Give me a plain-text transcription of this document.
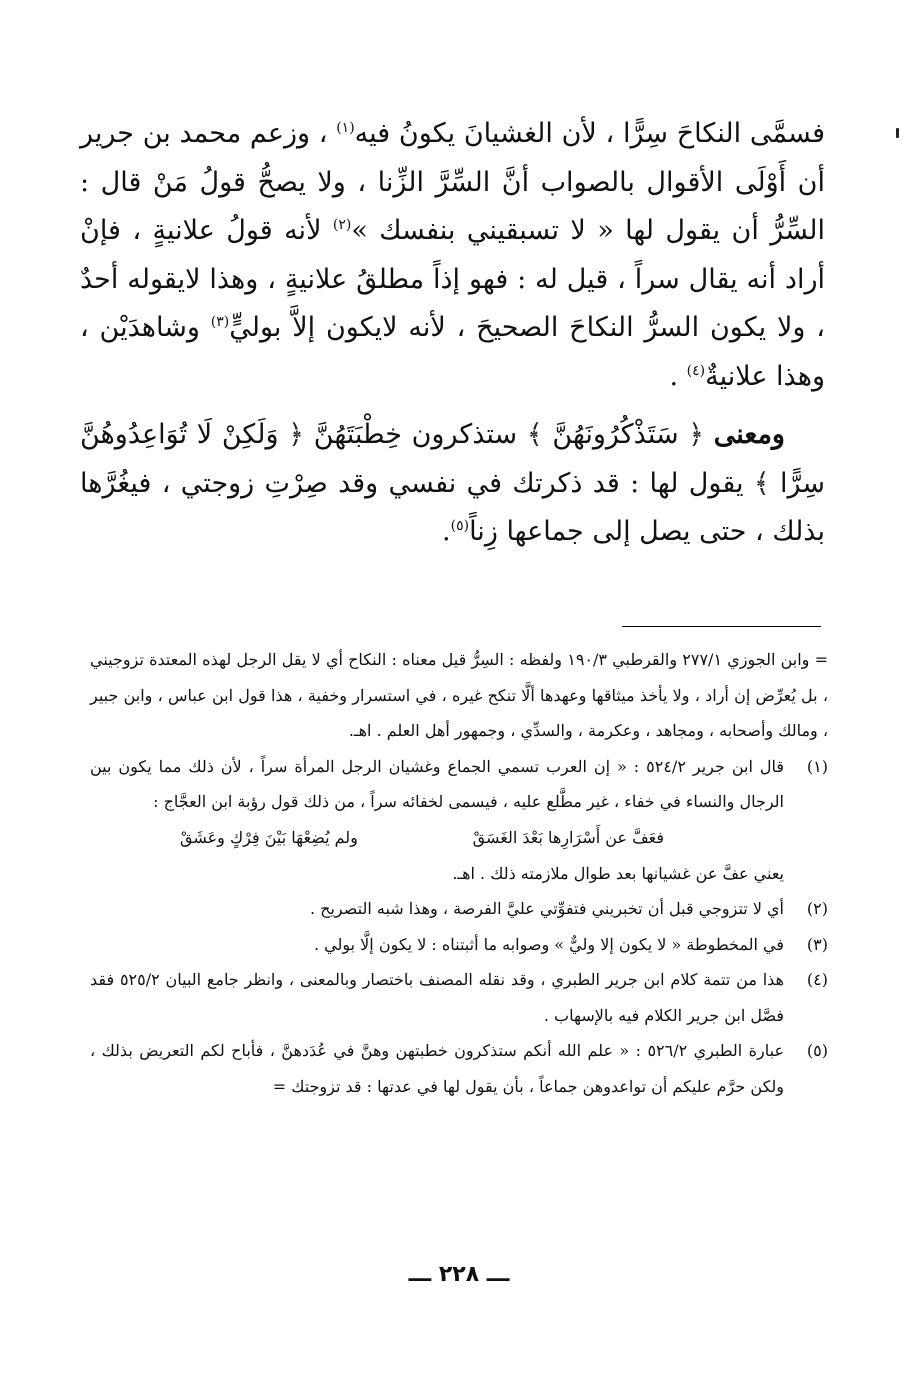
فسمَّى النكاحَ سِرًّا ، لأن الغشيانَ يكونُ فيه$^{(١)}$ ، وزعم محمد بن جرير أن أَوْلَى الأقوال بالصواب أنَّ السِّرَّ الزِّنا ، ولا يصحُّ قولُ مَنْ قال : السِّرُّ أن يقول لها « لا تسبقيني بنفسك »$^{(٢)}$ لأنه قولُ علانيةٍ ، فإنْ أراد أنه يقال سراً ، قيل له : فهو إذاً مطلقُ علانيةٍ ، وهذا لايقوله أحدٌ ، ولا يكون السرُّ النكاحَ الصحيحَ ، لأنه لايكون إلاَّ بوليٍّ$^{(٣)}$ وشاهدَيْن ، وهذا علانيةٌ$^{(٤)}$ .

ومعنى ﴿ سَتَذْكُرُونَهُنَّ ﴾ ستذكرون خِطْبَتَهُنَّ ﴿ وَلَكِنْ لَا تُوَاعِدُوهُنَّ سِرًّا ﴾ يقول لها : قد ذكرتك في نفسي وقد صِرْتِ زوجتي ، فيغُرَّها بذلك ، حتى يصل إلى جماعها زِناً$^{(٥)}$.

= وابن الجوزي ٢٧٧/١ والقرطبي ١٩٠/٣ ولفظه : السِرُّ قيل معناه : النكاح أي لا يقل الرجل لهذه المعتدة تزوجيني ، بل يُعرِّض إن أراد ، ولا يأخذ ميثاقها وعهدها ألَّا تنكح غيره ، في استسرار وخفية ، هذا قول ابن عباس ، وابن جبير ، ومالك وأصحابه ، ومجاهد ، وعكرمة ، والسدِّي ، وجمهور أهل العلم . اهـ.

(١)
قال ابن جرير ٥٢٤/٢ : « إن العرب تسمي الجماع وغشيان الرجل المرأة سراً ، لأن ذلك مما يكون بين الرجال والنساء في خفاء ، غير مطَّلع عليه ، فيسمى لخفائه سراً ، من ذلك قول رؤبة ابن العجَّاج :
فعَفَّ عن أَسْرَارِها بَعْدَ الغَسَقْ
ولم يُضِعْهَا بَيْنَ فِرْكٍ وعَشَقْ
يعني عفَّ عن غشيانها بعد طوال ملازمته ذلك . اهـ.
(٢)
أي لا تتزوجي قبل أن تخبريني فتفوِّتي عليَّ الفرصة ، وهذا شبه التصريح .
(٣)
في المخطوطة « لا يكون إلا وليٌّ » وصوابه ما أثبتناه : لا يكون إلَّا بولي .
(٤)
هذا من تتمة كلام ابن جرير الطبري ، وقد نقله المصنف باختصار وبالمعنى ، وانظر جامع البيان ٥٢٥/٢ فقد فصَّل ابن جرير الكلام فيه بالإسهاب .
(٥)
عبارة الطبري ٥٢٦/٢ : « علم الله أنكم ستذكرون خطبتهن وهنَّ في عُدَدهنَّ ، فأباح لكم التعريض بذلك ، ولكن حرَّم عليكم أن تواعدوهن جماعاً ، بأن يقول لها في عدتها : قد تزوجتك =
ـــ ٢٢٨ ـــ
